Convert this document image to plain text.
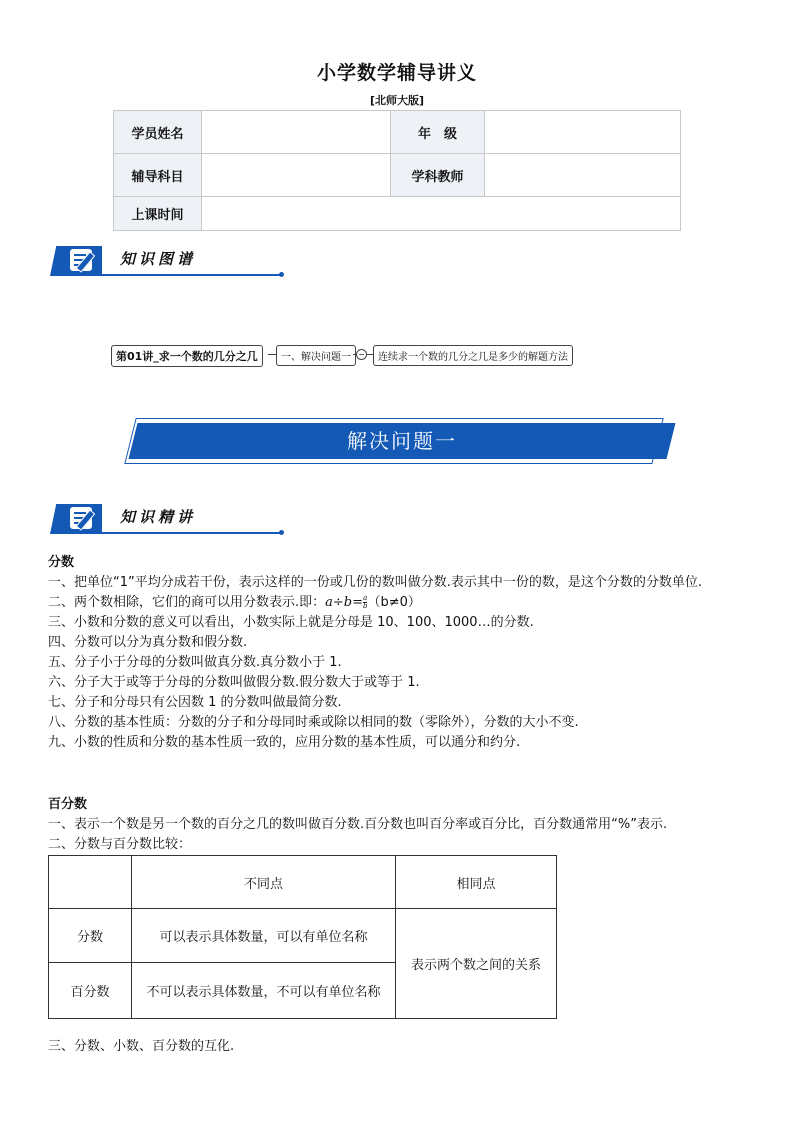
小学数学辅导讲义
[北师大版]
学员姓名		年　级	
辅导科目		学科教师	
上课时间			
知识图谱
第01讲_求一个数的几分之几	一、解决问题一 −	连续求一个数的几分之几是多少的解题方法
解决问题一
知识精讲

分数

一、把单位“1”平均分成若干份，表示这样的一份或几份的数叫做分数.表示其中一份的数，是这个分数的分数单位.

二、两个数相除，它们的商可以用分数表示.即：$a\div b= \frac{a}{b} (b\ne 0)$

三、小数和分数的意义可以看出，小数实际上就是分母是 10、100、1000…的分数.

四、分数可以分为真分数和假分数.

五、分子小于分母的分数叫做真分数.真分数小于 1.

六、分子大于或等于分母的分数叫做假分数.假分数大于或等于 1.

七、分子和分母只有公因数 1 的分数叫做最简分数.

八、分数的基本性质：分数的分子和分母同时乘或除以相同的数（零除外），分数的大小不变.

九、小数的性质和分数的基本性质一致的，应用分数的基本性质，可以通分和约分.

百分数

一、表示一个数是另一个数的百分之几的数叫做百分数.百分数也叫百分率或百分比，百分数通常用“%”表示.

二、分数与百分数比较：

	不同点	相同点
分数	可以表示具体数量，可以有单位名称	表示两个数之间的关系
百分数	不可以表示具体数量，不可以有单位名称	
三、分数、小数、百分数的互化.
